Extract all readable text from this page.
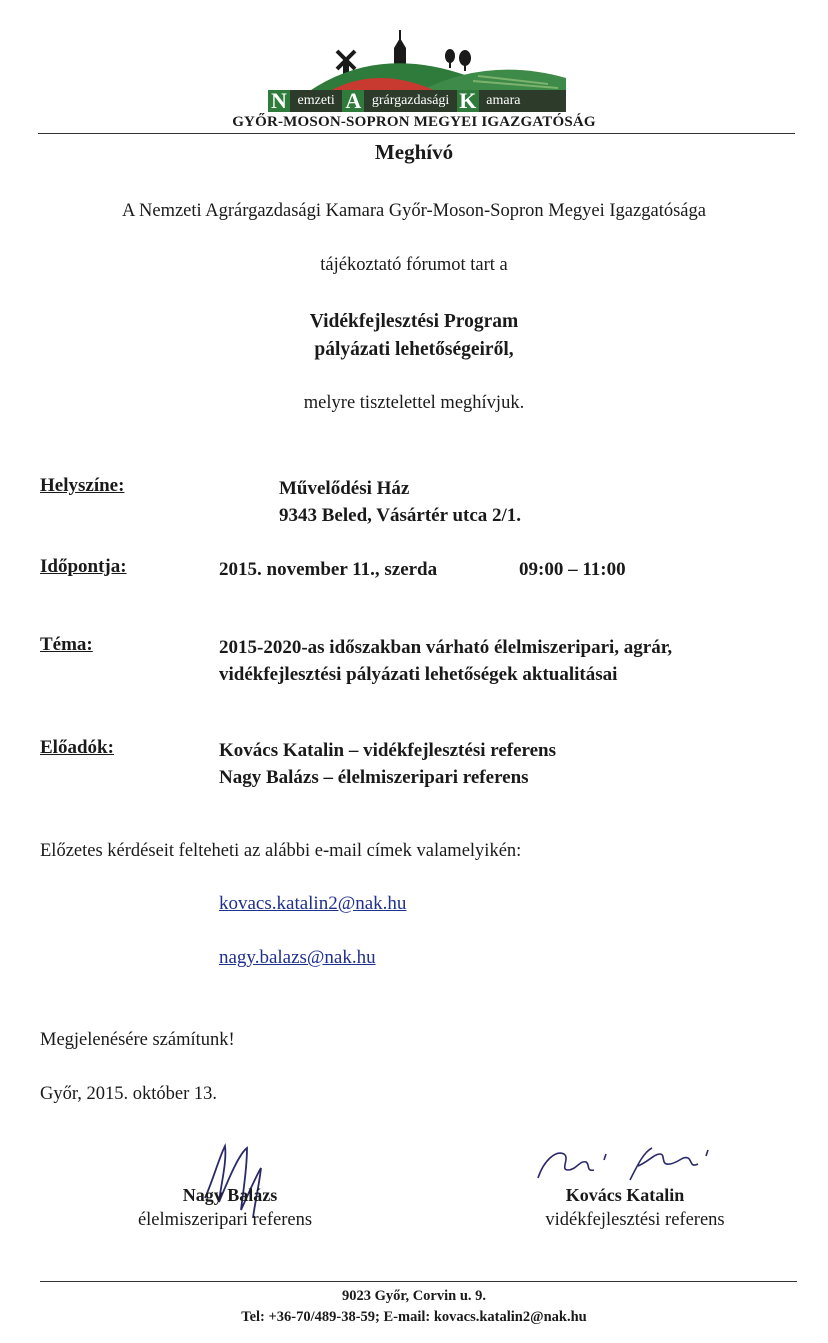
N emzeti A grárgazdasági K amara
GYŐR-MOSON-SOPRON MEGYEI IGAZGATÓSÁG
Meghívó
A Nemzeti Agrárgazdasági Kamara Győr-Moson-Sopron Megyei Igazgatósága
tájékoztató fórumot tart a
Vidékfejlesztési Program
pályázati lehetőségeiről,
melyre tisztelettel meghívjuk.
Helyszíne:	Művelődési Ház
9343 Beled, Vásártér utca 2/1.
Időpontja:	2015. november 11., szerda	09:00 – 11:00
Téma:	2015-2020-as időszakban várható élelmiszeripari, agrár,
vidékfejlesztési pályázati lehetőségek aktualitásai
Előadók:	Kovács Katalin – vidékfejlesztési referens
Nagy Balázs – élelmiszeripari referens
Előzetes kérdéseit felteheti az alábbi e-mail címek valamelyikén:
kovacs.katalin2@nak.hu
nagy.balazs@nak.hu
Megjelenésére számítunk!
Győr, 2015. október 13.
Nagy Balázs
élelmiszeripari referens
Kovács Katalin
vidékfejlesztési referens
9023 Győr, Corvin u. 9.
Tel: +36-70/489-38-59; E-mail: kovacs.katalin2@nak.hu
